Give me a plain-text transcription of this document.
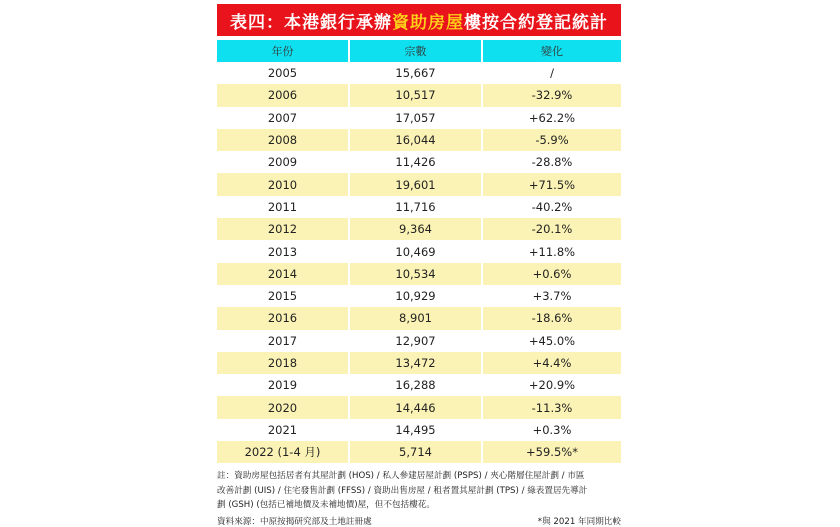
表四：本港銀行承辦 資助房屋 樓按合約登記統計
年份	宗數	變化
2005	15,667	/
2006	10,517	-32.9%
2007	17,057	+62.2%
2008	16,044	-5.9%
2009	11,426	-28.8%
2010	19,601	+71.5%
2011	11,716	-40.2%
2012	9,364	-20.1%
2013	10,469	+11.8%
2014	10,534	+0.6%
2015	10,929	+3.7%
2016	8,901	-18.6%
2017	12,907	+45.0%
2018	13,472	+4.4%
2019	16,288	+20.9%
2020	14,446	-11.3%
2021	14,495	+0.3%
2022 (1-4 月)	5,714	+59.5%*
註：資助房屋包括居者有其屋計劃 (HOS) / 私人參建居屋計劃 (PSPS) / 夾心階層住屋計劃 / 市區
改善計劃 (UIS) / 住宅發售計劃 (FFSS) / 資助出售房屋 / 租者置其屋計劃 (TPS) / 綠表置居先導計
劃 (GSH) (包括已補地價及未補地價)屋，但不包括樓花。
資料來源：中原按揭研究部及土地註冊處	*與 2021 年同期比較
